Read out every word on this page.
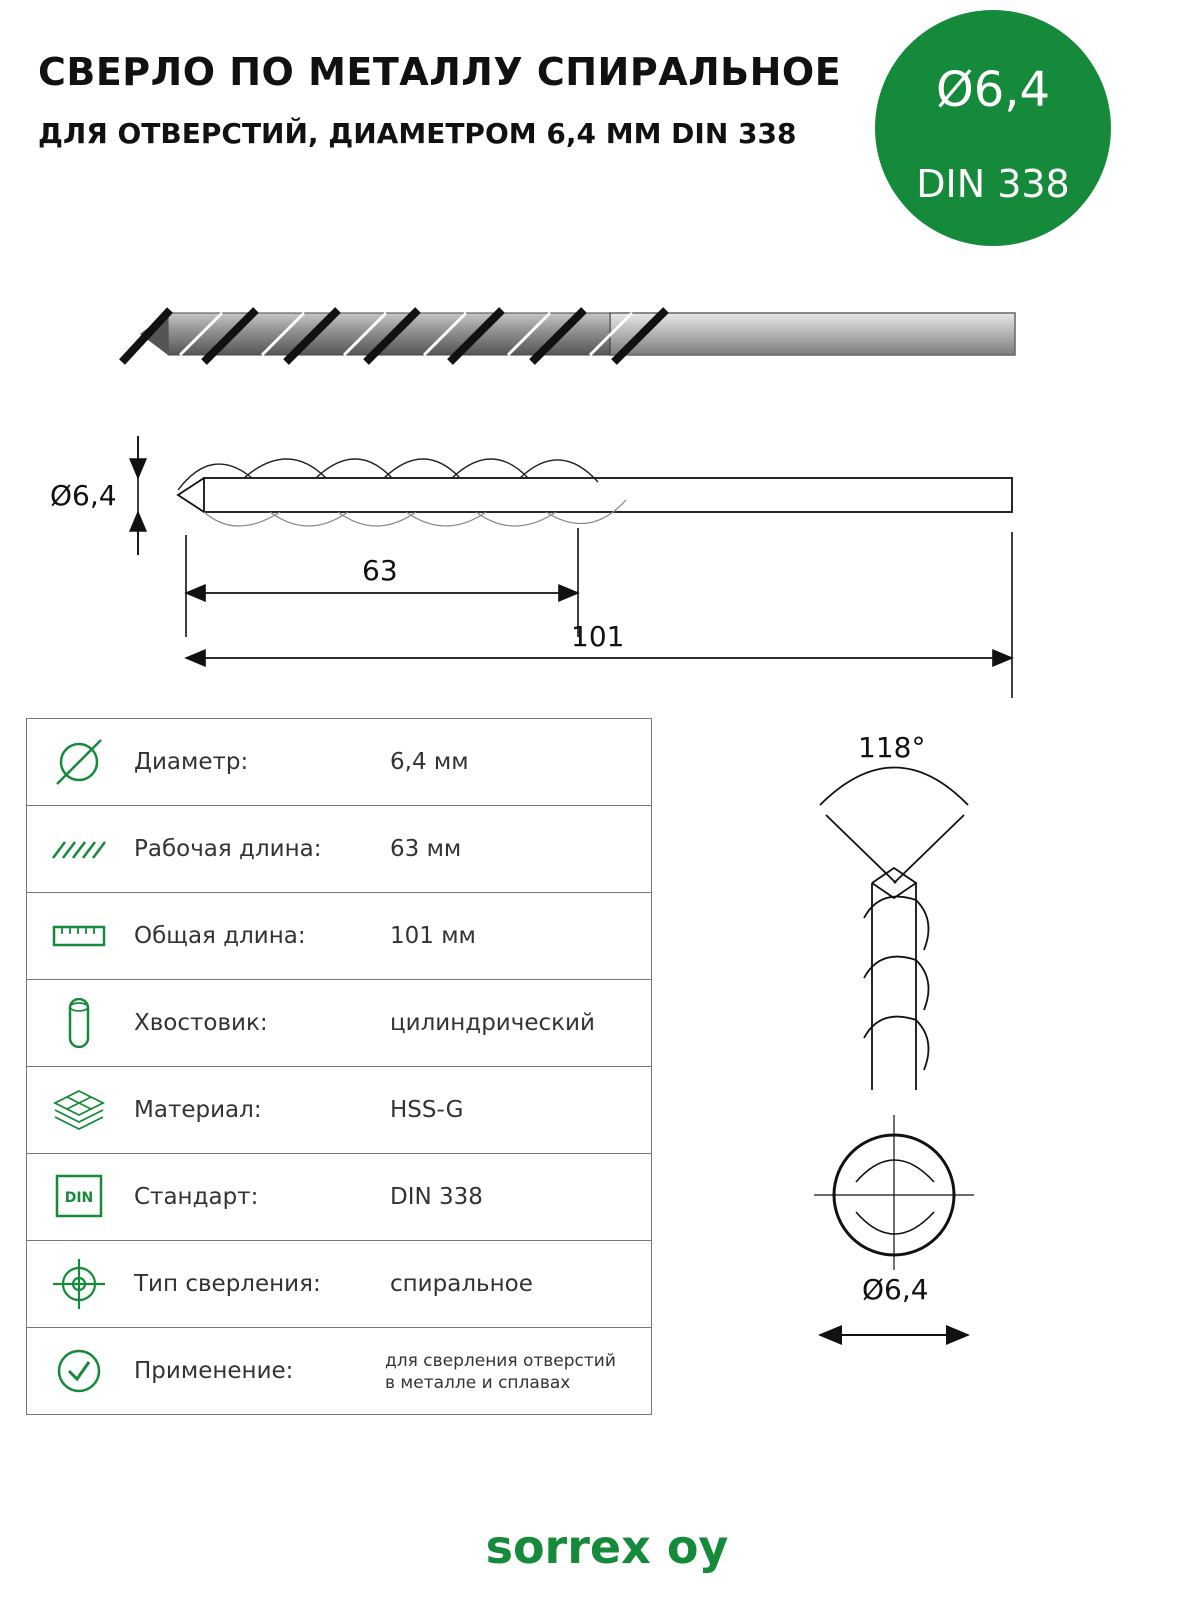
СВЕРЛО ПО МЕТАЛЛУ СПИРАЛЬНОЕ
ДЛЯ ОТВЕРСТИЙ, ДИАМЕТРОМ 6,4 ММ DIN 338
Ø6,4
DIN 338
Ø6,4
63
101
118°
Ø6,4
Диаметр:	6,4 мм
Рабочая длина:	63 мм
Общая длина:	101 мм
Хвостовик:	цилиндрический
Материал:	HSS-G
DIN Стандарт:	DIN 338
Тип сверления:	спиральное
Применение:	для сверления отверстий
в металле и сплавах
sorrex oy
